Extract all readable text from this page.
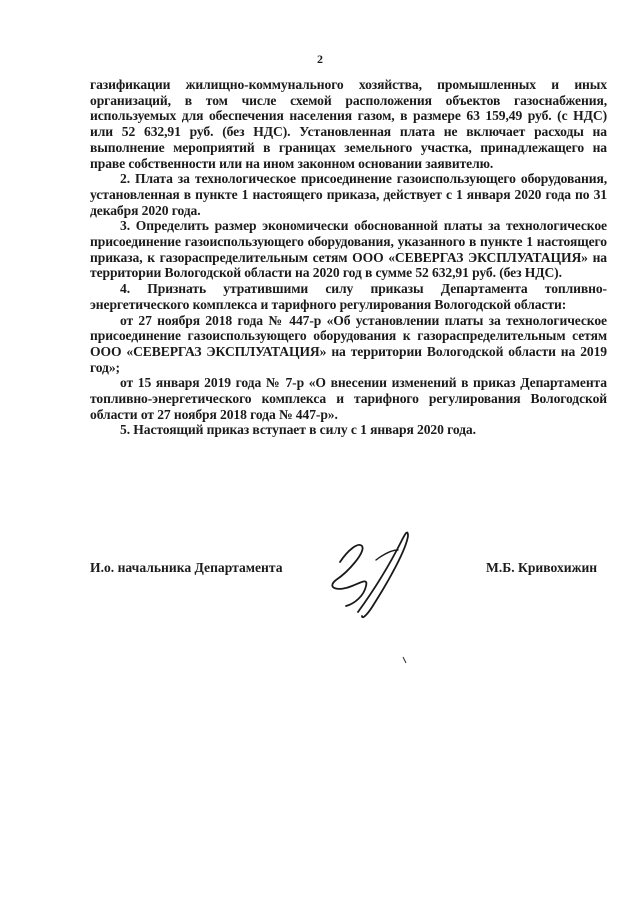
2

газификации жилищно-коммунального хозяйства, промышленных и иных организаций, в том числе схемой расположения объектов газоснабжения, используемых для обеспечения населения газом, в размере 63 159,49 руб. (с НДС) или 52 632,91 руб. (без НДС). Установленная плата не включает расходы на выполнение мероприятий в границах земельного участка, принадлежащего на праве собственности или на ином законном основании заявителю.

2. Плата за технологическое присоединение газоиспользующего оборудования, установленная в пункте 1 настоящего приказа, действует с 1 января 2020 года по 31 декабря 2020 года.

3. Определить размер экономически обоснованной платы за технологическое присоединение газоиспользующего оборудования, указанного в пункте 1 настоящего приказа, к газораспределительным сетям ООО «СЕВЕРГАЗ ЭКСПЛУАТАЦИЯ» на территории Вологодской области на 2020 год в сумме 52 632,91 руб. (без НДС).

4. Признать утратившими силу приказы Департамента топливно-энергетического комплекса и тарифного регулирования Вологодской области:

от 27 ноября 2018 года № 447-р «Об установлении платы за технологическое присоединение газоиспользующего оборудования к газораспределительным сетям ООО «СЕВЕРГАЗ ЭКСПЛУАТАЦИЯ» на территории Вологодской области на 2019 год»;

от 15 января 2019 года № 7-р «О внесении изменений в приказ Департамента топливно-энергетического комплекса и тарифного регулирования Вологодской области от 27 ноября 2018 года № 447-р».

5. Настоящий приказ вступает в силу с 1 января 2020 года.

И.о. начальника Департамента	М.Б. Кривохижин
